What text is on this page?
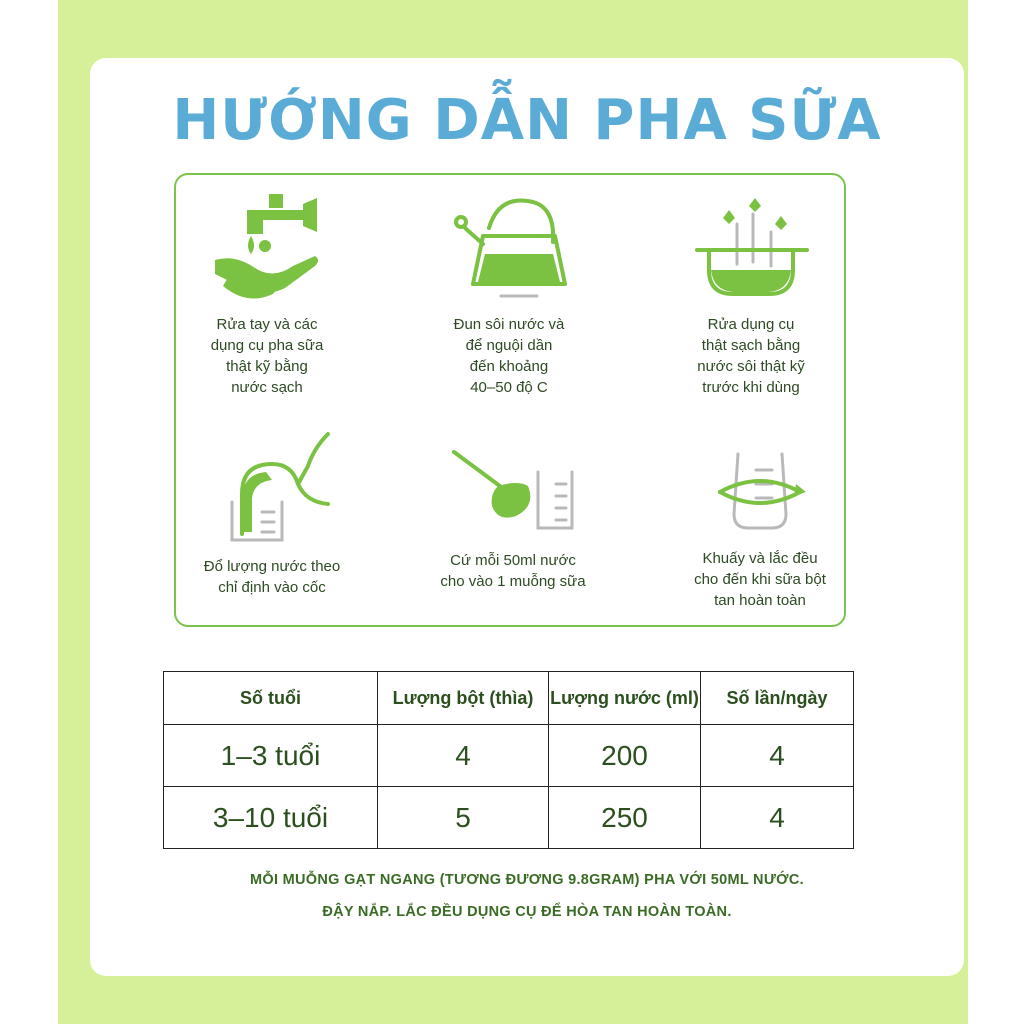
HƯỚNG DẪN PHA SỮA
Rửa tay và các
dụng cụ pha sữa
thật kỹ bằng
nước sạch
Đun sôi nước và
để nguội dần
đến khoảng
40–50 độ C
Rửa dụng cụ
thật sạch bằng
nước sôi thật kỹ
trước khi dùng
Đổ lượng nước theo
chỉ định vào cốc
Cứ mỗi 50ml nước
cho vào 1 muỗng sữa
Khuấy và lắc đều
cho đến khi sữa bột
tan hoàn toàn
Số tuổi	Lượng bột (thìa)	Lượng nước (ml)	Số lần/ngày
1–3 tuổi	4	200	4
3–10 tuổi	5	250	4

MỖI MUỖNG GẠT NGANG (TƯƠNG ĐƯƠNG 9.8GRAM) PHA VỚI 50ML NƯỚC.

ĐẬY NẮP. LẮC ĐỀU DỤNG CỤ ĐỂ HÒA TAN HOÀN TOÀN.
